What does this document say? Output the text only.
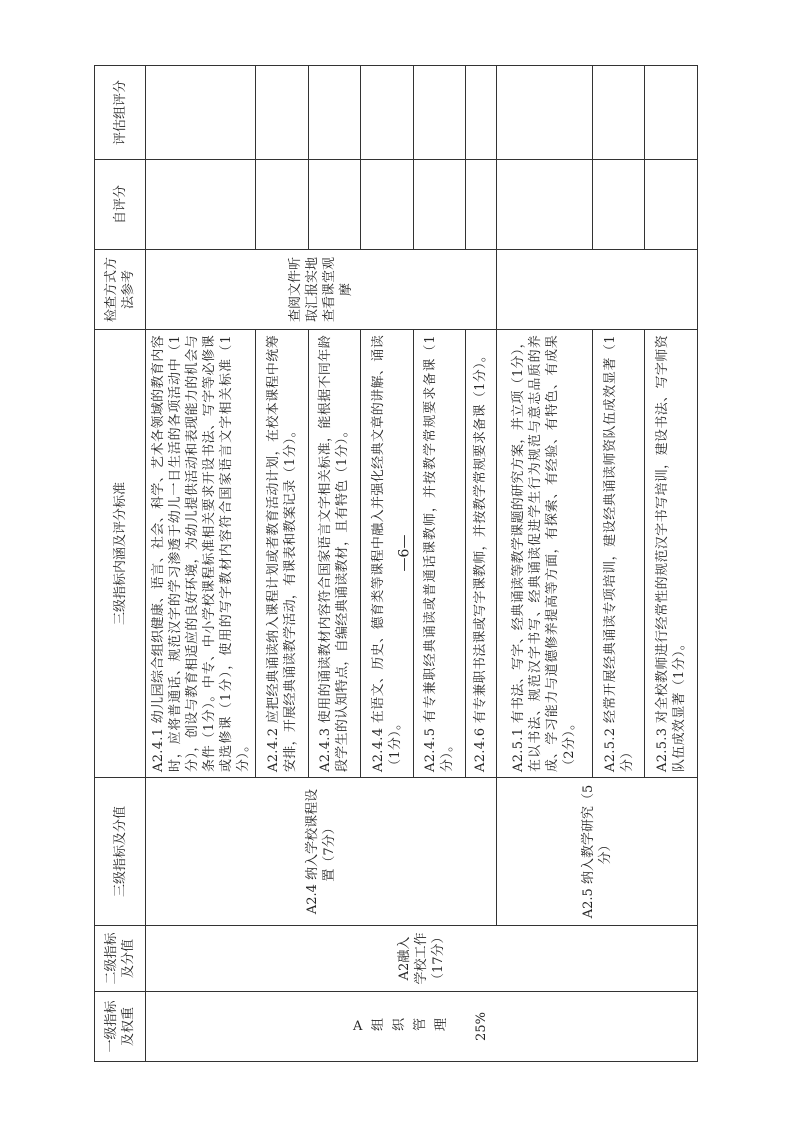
一级指标及权重	二级指标及分值	三级指标及分值	三级指标内涵及评分标准	检查方式方法参考	自评分	评估组评分
A组织管理 25%	A2融入学校工作（17分）	A2.4 纳入学校课程设置（7分）	A2.4.1 幼儿园综合组织健康、语言、社会、科学、艺术各领域的教育内容时，应将普通话、规范汉字的学习渗透于幼儿一日生活的各项活动中（1分），创设与教育相适应的良好环境，为幼儿提供活动和表现能力的机会与条件（1分）。中专、中小学校课程标准相关要求开设书法、写字等必修课或选修课（1分），使用的写字教材内容符合国家语言文字相关标准（1分）。	查阅文件听取汇报实地查看课堂观摩		
			A2.4.2 应把经典诵读纳入课程计划或者教育活动计划，在校本课程中统筹安排，开展经典诵读教学活动，有课表和教案记录（1分）。			
			A2.4.3 使用的诵读教材内容符合国家语言文字相关标准，能根据不同年龄段学生的认知特点，自编经典诵读教材，且有特色（1分）。			
			A2.4.4 在语文、历史、德育类等课程中融入并强化经典文章的讲解、诵读（1分）。			
			A2.4.5 有专兼职经典诵读或普通话课教师，并按教学常规要求备课（1分）。			
			A2.4.6 有专兼职书法课或写字课教师，并按教学常规要求备课（1分）。			
		A2.5 纳入教学研究（5分）	A2.5.1 有书法、写字、经典诵读等教学课题的研究方案，并立项（1分），在以书法、规范汉字书写、经典诵读促进学生行为规范与意志品质的养成、学习能力与道德修养提高等方面，有探索、有经验、有特色、有成果（2分）。			
			A2.5.2 经常开展经典诵读专项培训，建设经典诵读师资队伍成效显著（1分）			
			A2.5.3 对全校教师进行经常性的规范汉字书写培训，建设书法、写字师资队伍成效显著（1分）。			
—6—
